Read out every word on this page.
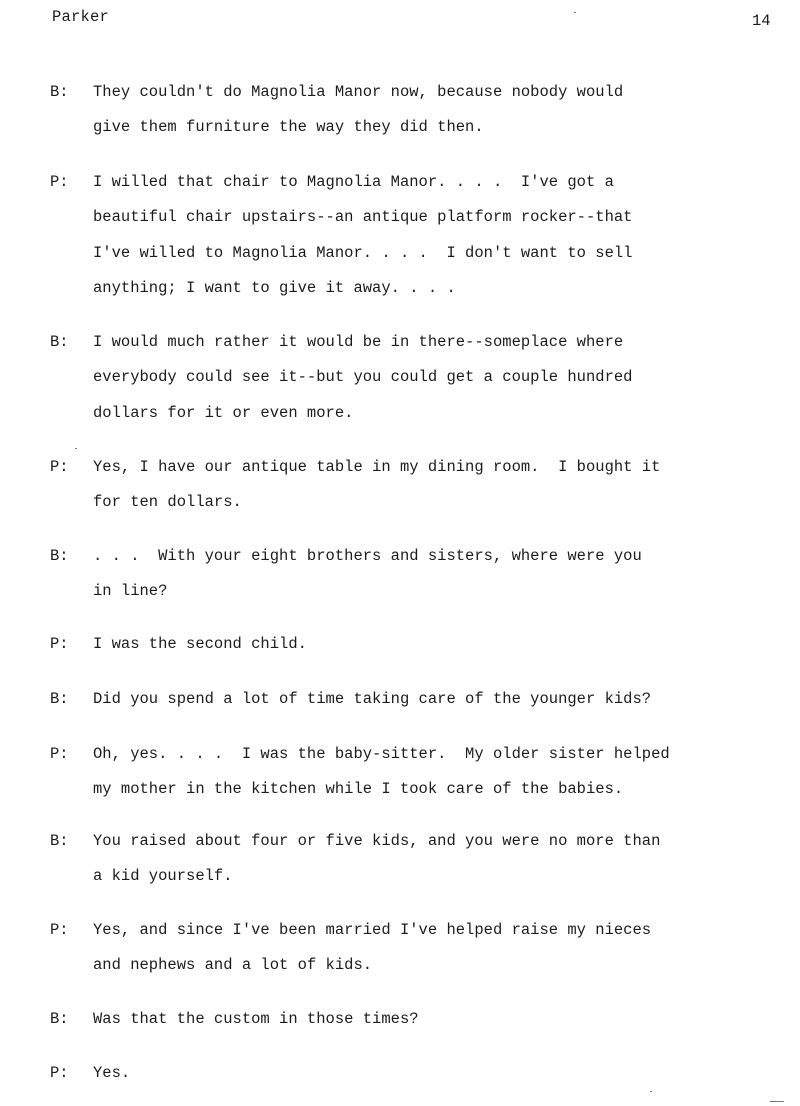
Parker	14
B:	They couldn't do Magnolia Manor now, because nobody would
give them furniture the way they did then.
P:	I willed that chair to Magnolia Manor. . . .  I've got a
beautiful chair upstairs--an antique platform rocker--that
I've willed to Magnolia Manor. . . .  I don't want to sell
anything; I want to give it away. . . .
B:	I would much rather it would be in there--someplace where
everybody could see it--but you could get a couple hundred
dollars for it or even more.
P:	Yes, I have our antique table in my dining room.  I bought it
for ten dollars.
B:	. . .  With your eight brothers and sisters, where were you
in line?
P:	I was the second child.
B:	Did you spend a lot of time taking care of the younger kids?
P:	Oh, yes. . . .  I was the baby-sitter.  My older sister helped
my mother in the kitchen while I took care of the babies.
B:	You raised about four or five kids, and you were no more than
a kid yourself.
P:	Yes, and since I've been married I've helped raise my nieces
and nephews and a lot of kids.
B:	Was that the custom in those times?
P:	Yes.
